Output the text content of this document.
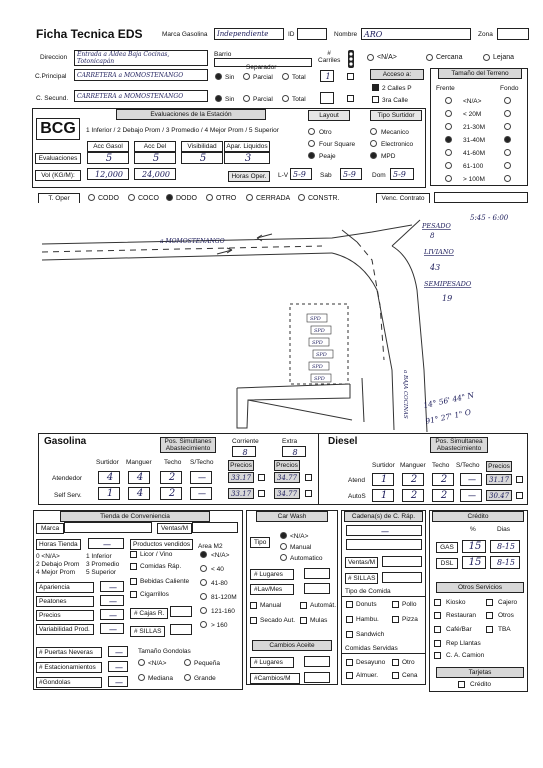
Ficha Tecnica EDS	Marca Gasolina	Independiente	ID	Nombre ARO	Zona
Direccion	Entrada a Aldea Baja Cocinas, Totonicapán
Barrio	# Carriles
C.Principal	CARRETERA a MOMOSTENANGO
Separador
Sin	Parcial	Total	1
C. Secund.	CARRETERA a MOMOSTENANGO	Sin	Parcial	Total
<N/A>	Cercana	Lejana
Acceso a:
2 Calles P
3ra Calle
Tamaño del Terreno
Frente	Fondo
<N/A>
< 20M
21-30M
31-40M
41-60M
61-100
> 100M
Evaluaciones de la Estación
BCG	1 Inferior / 2 Debajo Prom / 3 Promedio / 4 Mejor Prom / 5 Superior
Layout	Tipo Surtidor
Acc Gasol	Acc Del	Visibilidad	Apar. Liquidos
Evaluaciones	5	5	5	3
Vol (KG/M):	12,000	24,000
Otro
Four Square
Peaje
Mecanico
Electronico
MPD
Horas Oper.	L-V 5-9	Sab	5-9	Dom 5-9
T. Oper	CODO	COCO DODO	OTRO	CERRADA	CONSTR.	Venc. Contrato
a MOMOSTENANGO
a BAJA COCINAS
SPD
SPD
SPD
SPD
SPD
SPD
5:45 - 6:00
PESADO
8
LIVIANO
43
SEMIPESADO
19
14° 56' 44" N
91° 27' 1" O
Gasolina	Pos. Simultanes Abastecimiento
Corriente	Extra
8	8
Surtidor Manguer Techo S/Techo	Precios	Precios
Atendedor	4	4	2	—	33.17	34.77
Self Serv.	1	4	2	—	33.17	34.77
Diesel	Pos. Simultanea Abastecimiento
Surtidor Manguer Techo S/Techo	Precios
Atend	1	2	2	—	31.17
AutoS	1	2	2	—	30.47
Tienda de Conveniencia
Marca	Ventas/M
Horas Tienda	—
0 <N/A>	1 Inferior
2 Debajo Prom 3 Promedio
4 Mejor Prom 5 Superior
Apariencia	—
Peatones	—
Precios	—
Variabilidad Prod.	—
Productos vendidos
Licor / Vino
Comidas Ráp.
Bebidas Caliente
Cigarrillos
# Cajas R.
# SILLAS
Area M2
<N/A>
< 40
41-80
81-120M
121-160
> 160
# Puertas Neveras	—
# Estacionamientos	—
#Gondolas	—
Tamaño Gondolas
<N/A>	Pequeña
Mediana	Grande
Car Wash
Tipo
<N/A>
Manual
Automatico
# Lugares
#Lav/Mes
Manual	Automát.
Secado Aut. Mulas
Cambios Aceite
# Lugares
#Cambios/M
Cadena(s) de C. Ráp.
—
Ventas/M
# SILLAS
Tipo de Comida
Donuts	Pollo
Hambu.	Pizza
Sandwich
Comidas Servidas
Desayuno	Otro
Almuer.	Cena
Crédito
%	Dias
GAS	15	8-15
DSL	15	8-15
Otros Servicios
Kiosko	Cajero
Restauran	Otros
Café/Bar	TBA
Rep Llantas
C. A. Camion
Tarjetas
Crédito
